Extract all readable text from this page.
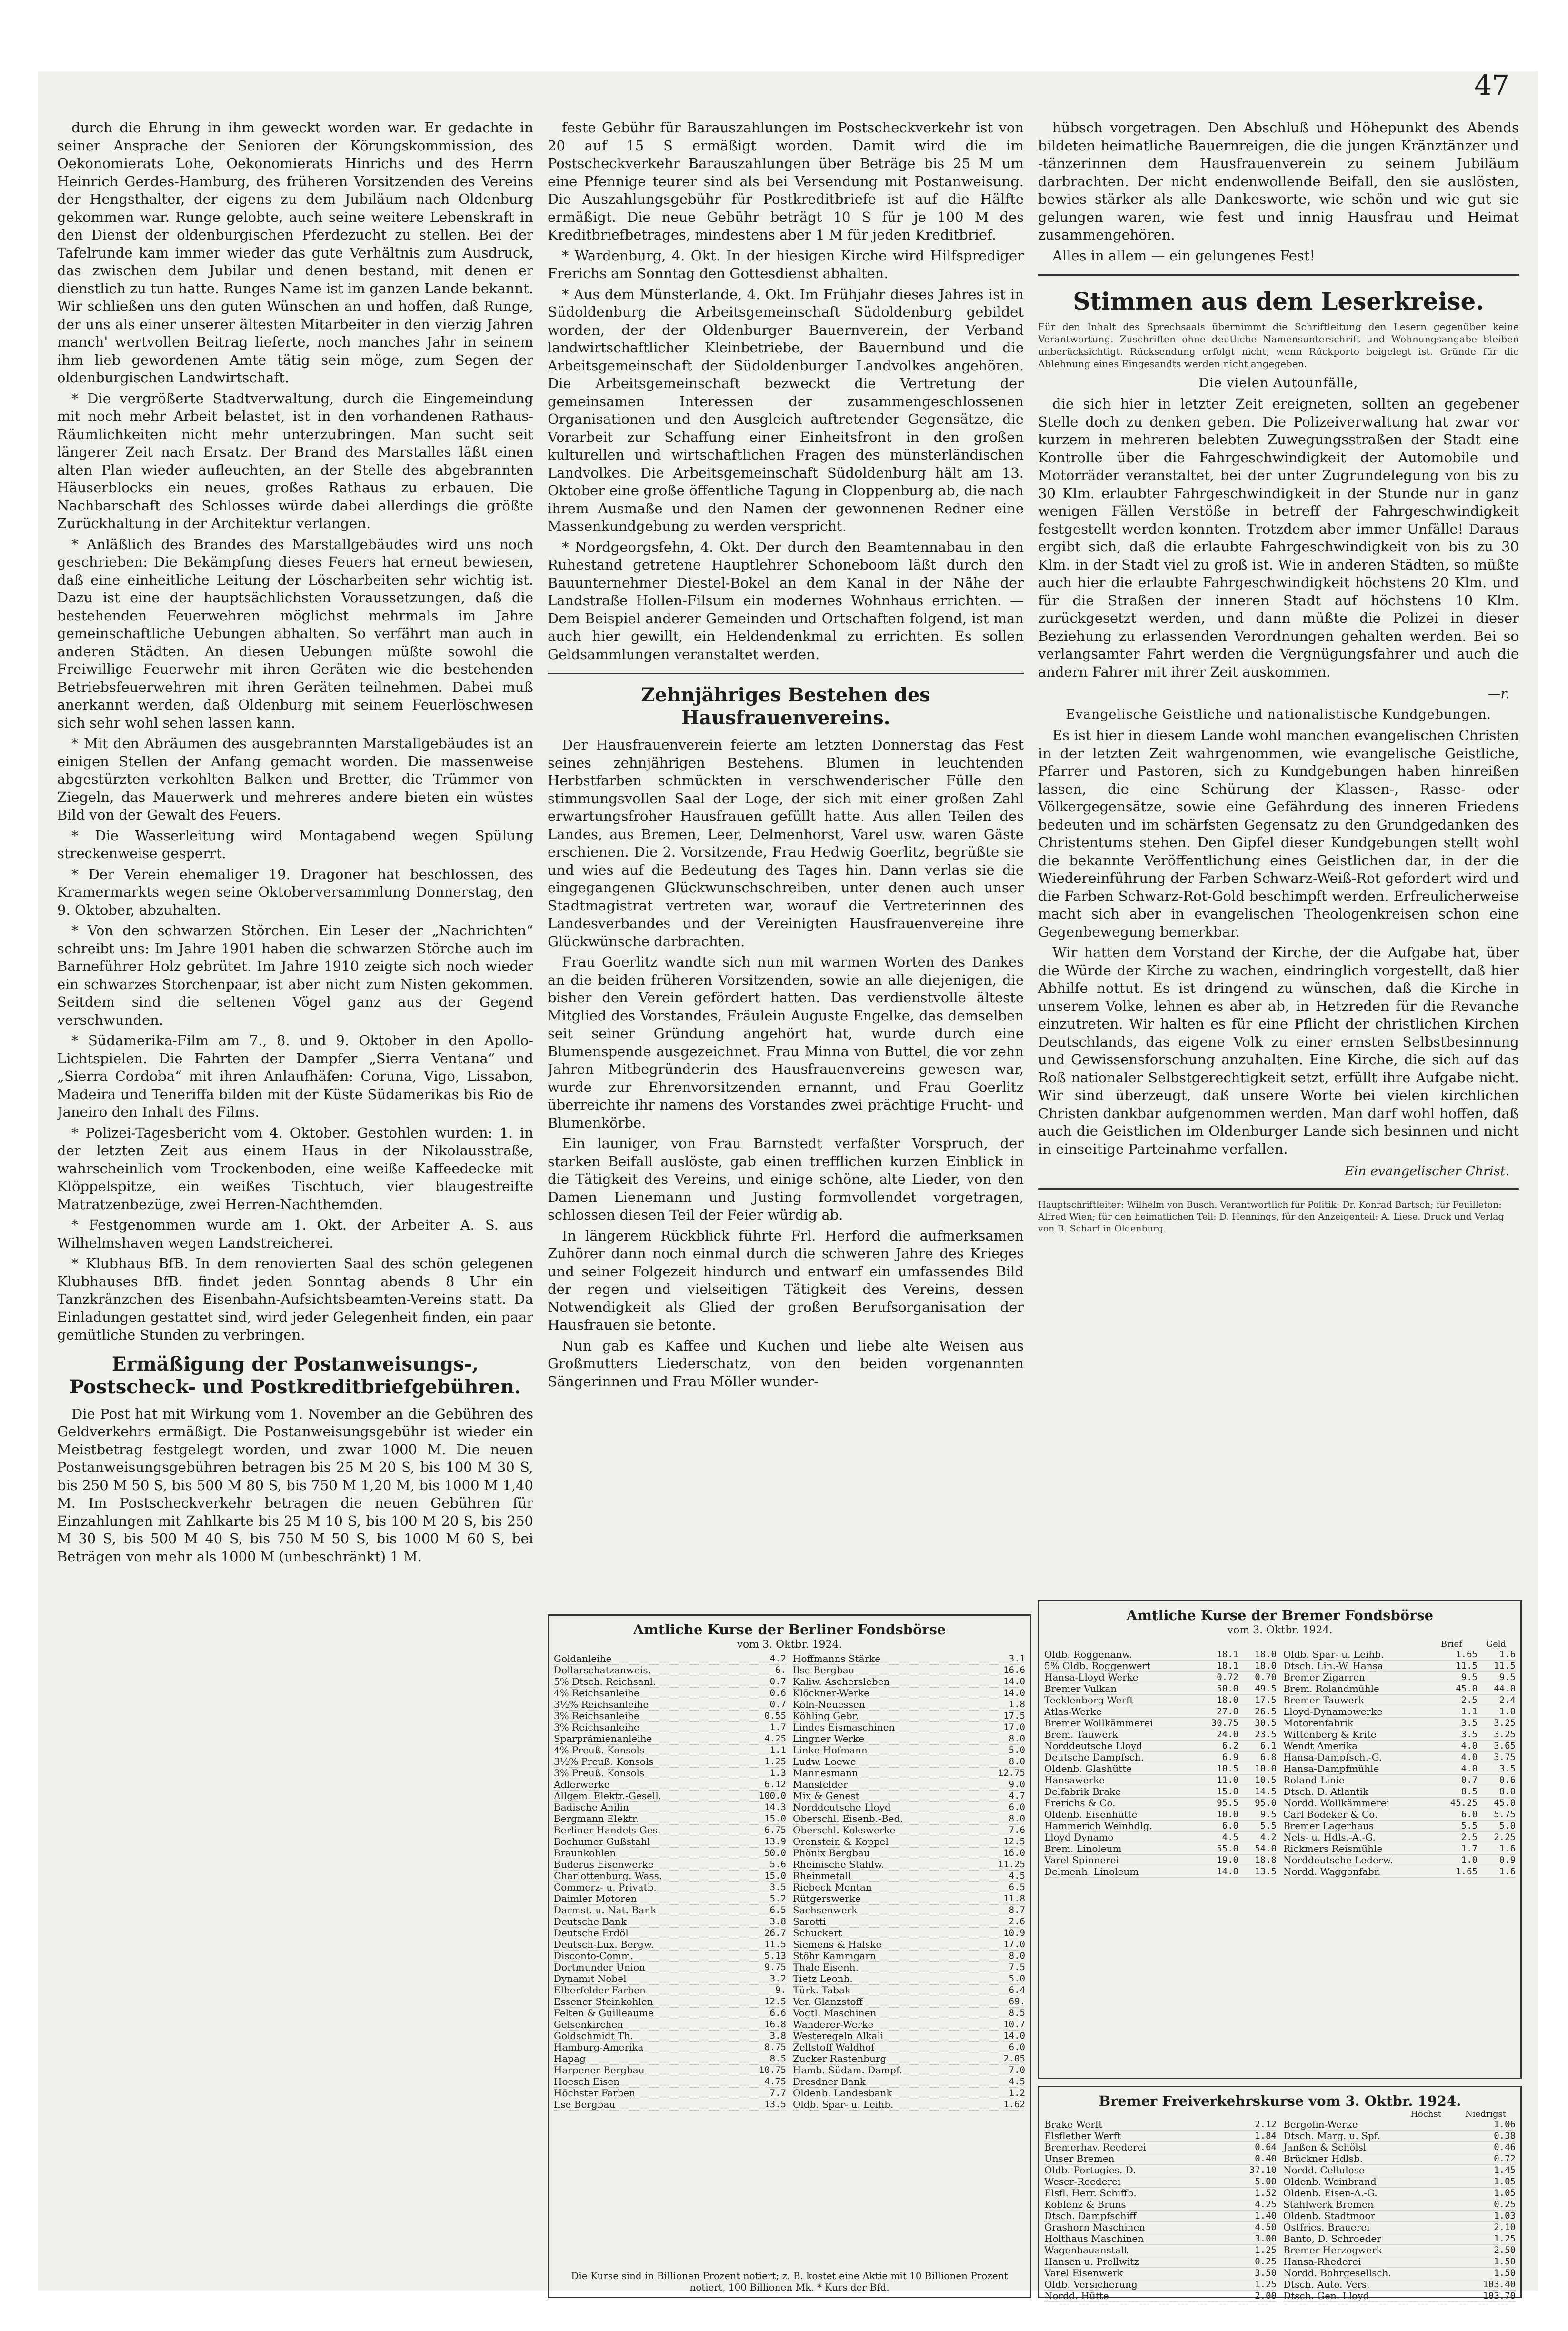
47

durch die Ehrung in ihm geweckt worden war. Er gedachte in seiner Ansprache der Senioren der Körungskommission, des Oekonomierats Lohe, Oekonomierats Hinrichs und des Herrn Heinrich Gerdes-Hamburg, des früheren Vorsitzenden des Vereins der Hengsthalter, der eigens zu dem Jubiläum nach Oldenburg gekommen war. Runge gelobte, auch seine weitere Lebenskraft in den Dienst der oldenburgischen Pferdezucht zu stellen. Bei der Tafelrunde kam immer wieder das gute Verhältnis zum Ausdruck, das zwischen dem Jubilar und denen bestand, mit denen er dienstlich zu tun hatte. Runges Name ist im ganzen Lande bekannt. Wir schließen uns den guten Wünschen an und hoffen, daß Runge, der uns als einer unserer ältesten Mitarbeiter in den vierzig Jahren manch' wertvollen Beitrag lieferte, noch manches Jahr in seinem ihm lieb gewordenen Amte tätig sein möge, zum Segen der oldenburgischen Landwirtschaft.

* Die vergrößerte Stadtverwaltung, durch die Eingemeindung mit noch mehr Arbeit belastet, ist in den vorhandenen Rathaus-Räumlichkeiten nicht mehr unterzubringen. Man sucht seit längerer Zeit nach Ersatz. Der Brand des Marstalles läßt einen alten Plan wieder aufleuchten, an der Stelle des abgebrannten Häuserblocks ein neues, großes Rathaus zu erbauen. Die Nachbarschaft des Schlosses würde dabei allerdings die größte Zurückhaltung in der Architektur verlangen.

* Anläßlich des Brandes des Marstallgebäudes wird uns noch geschrieben: Die Bekämpfung dieses Feuers hat erneut bewiesen, daß eine einheitliche Leitung der Löscharbeiten sehr wichtig ist. Dazu ist eine der hauptsächlichsten Voraussetzungen, daß die bestehenden Feuerwehren möglichst mehrmals im Jahre gemeinschaftliche Uebungen abhalten. So verfährt man auch in anderen Städten. An diesen Uebungen müßte sowohl die Freiwillige Feuerwehr mit ihren Geräten wie die bestehenden Betriebsfeuerwehren mit ihren Geräten teilnehmen. Dabei muß anerkannt werden, daß Oldenburg mit seinem Feuerlöschwesen sich sehr wohl sehen lassen kann.

* Mit den Abräumen des ausgebrannten Marstallgebäudes ist an einigen Stellen der Anfang gemacht worden. Die massenweise abgestürzten verkohlten Balken und Bretter, die Trümmer von Ziegeln, das Mauerwerk und mehreres andere bieten ein wüstes Bild von der Gewalt des Feuers.

* Die Wasserleitung wird Montagabend wegen Spülung streckenweise gesperrt.

* Der Verein ehemaliger 19. Dragoner hat beschlossen, des Kramermarkts wegen seine Oktoberversammlung Donnerstag, den 9. Oktober, abzuhalten.

* Von den schwarzen Störchen. Ein Leser der „Nachrichten“ schreibt uns: Im Jahre 1901 haben die schwarzen Störche auch im Barneführer Holz gebrütet. Im Jahre 1910 zeigte sich noch wieder ein schwarzes Storchenpaar, ist aber nicht zum Nisten gekommen. Seitdem sind die seltenen Vögel ganz aus der Gegend verschwunden.

* Südamerika-Film am 7., 8. und 9. Oktober in den Apollo-Lichtspielen. Die Fahrten der Dampfer „Sierra Ventana“ und „Sierra Cordoba“ mit ihren Anlaufhäfen: Coruna, Vigo, Lissabon, Madeira und Teneriffa bilden mit der Küste Südamerikas bis Rio de Janeiro den Inhalt des Films.

* Polizei-Tagesbericht vom 4. Oktober. Gestohlen wurden: 1. in der letzten Zeit aus einem Haus in der Nikolausstraße, wahrscheinlich vom Trockenboden, eine weiße Kaffeedecke mit Klöppelspitze, ein weißes Tischtuch, vier blaugestreifte Matratzenbezüge, zwei Herren-Nachthemden.

* Festgenommen wurde am 1. Okt. der Arbeiter A. S. aus Wilhelmshaven wegen Landstreicherei.

* Klubhaus BfB. In dem renovierten Saal des schön gelegenen Klubhauses BfB. findet jeden Sonntag abends 8 Uhr ein Tanzkränzchen des Eisenbahn-Aufsichtsbeamten-Vereins statt. Da Einladungen gestattet sind, wird jeder Gelegenheit finden, ein paar gemütliche Stunden zu verbringen.

Ermäßigung der Postanweisungs-, Postscheck- und Postkreditbriefgebühren.

Die Post hat mit Wirkung vom 1. November an die Gebühren des Geldverkehrs ermäßigt. Die Postanweisungsgebühr ist wieder ein Meistbetrag festgelegt worden, und zwar 1000 M. Die neuen Postanweisungsgebühren betragen bis 25 M 20 S, bis 100 M 30 S, bis 250 M 50 S, bis 500 M 80 S, bis 750 M 1,20 M, bis 1000 M 1,40 M. Im Postscheckverkehr betragen die neuen Gebühren für Einzahlungen mit Zahlkarte bis 25 M 10 S, bis 100 M 20 S, bis 250 M 30 S, bis 500 M 40 S, bis 750 M 50 S, bis 1000 M 60 S, bei Beträgen von mehr als 1000 M (unbeschränkt) 1 M.

feste Gebühr für Barauszahlungen im Postscheckverkehr ist von 20 auf 15 S ermäßigt worden. Damit wird die im Postscheckverkehr Barauszahlungen über Beträge bis 25 M um eine Pfennige teurer sind als bei Versendung mit Postanweisung. Die Auszahlungsgebühr für Postkreditbriefe ist auf die Hälfte ermäßigt. Die neue Gebühr beträgt 10 S für je 100 M des Kreditbriefbetrages, mindestens aber 1 M für jeden Kreditbrief.

* Wardenburg, 4. Okt. In der hiesigen Kirche wird Hilfsprediger Frerichs am Sonntag den Gottesdienst abhalten.

* Aus dem Münsterlande, 4. Okt. Im Frühjahr dieses Jahres ist in Südoldenburg die Arbeitsgemeinschaft Südoldenburg gebildet worden, der der Oldenburger Bauernverein, der Verband landwirtschaftlicher Kleinbetriebe, der Bauernbund und die Arbeitsgemeinschaft der Südoldenburger Landvolkes angehören. Die Arbeitsgemeinschaft bezweckt die Vertretung der gemeinsamen Interessen der zusammengeschlossenen Organisationen und den Ausgleich auftretender Gegensätze, die Vorarbeit zur Schaffung einer Einheitsfront in den großen kulturellen und wirtschaftlichen Fragen des münsterländischen Landvolkes. Die Arbeitsgemeinschaft Südoldenburg hält am 13. Oktober eine große öffentliche Tagung in Cloppenburg ab, die nach ihrem Ausmaße und den Namen der gewonnenen Redner eine Massenkundgebung zu werden verspricht.

* Nordgeorgsfehn, 4. Okt. Der durch den Beamtennabau in den Ruhestand getretene Hauptlehrer Schoneboom läßt durch den Bauunternehmer Diestel-Bokel an dem Kanal in der Nähe der Landstraße Hollen-Filsum ein modernes Wohnhaus errichten. — Dem Beispiel anderer Gemeinden und Ortschaften folgend, ist man auch hier gewillt, ein Heldendenkmal zu errichten. Es sollen Geldsammlungen veranstaltet werden.

Zehnjähriges Bestehen des Hausfrauenvereins.

Der Hausfrauenverein feierte am letzten Donnerstag das Fest seines zehnjährigen Bestehens. Blumen in leuchtenden Herbstfarben schmückten in verschwenderischer Fülle den stimmungsvollen Saal der Loge, der sich mit einer großen Zahl erwartungsfroher Hausfrauen gefüllt hatte. Aus allen Teilen des Landes, aus Bremen, Leer, Delmenhorst, Varel usw. waren Gäste erschienen. Die 2. Vorsitzende, Frau Hedwig Goerlitz, begrüßte sie und wies auf die Bedeutung des Tages hin. Dann verlas sie die eingegangenen Glückwunschschreiben, unter denen auch unser Stadtmagistrat vertreten war, worauf die Vertreterinnen des Landesverbandes und der Vereinigten Hausfrauenvereine ihre Glückwünsche darbrachten.

Frau Goerlitz wandte sich nun mit warmen Worten des Dankes an die beiden früheren Vorsitzenden, sowie an alle diejenigen, die bisher den Verein gefördert hatten. Das verdienstvolle älteste Mitglied des Vorstandes, Fräulein Auguste Engelke, das demselben seit seiner Gründung angehört hat, wurde durch eine Blumenspende ausgezeichnet. Frau Minna von Buttel, die vor zehn Jahren Mitbegründerin des Hausfrauenvereins gewesen war, wurde zur Ehrenvorsitzenden ernannt, und Frau Goerlitz überreichte ihr namens des Vorstandes zwei prächtige Frucht- und Blumenkörbe.

Ein launiger, von Frau Barnstedt verfaßter Vorspruch, der starken Beifall auslöste, gab einen trefflichen kurzen Einblick in die Tätigkeit des Vereins, und einige schöne, alte Lieder, von den Damen Lienemann und Justing formvollendet vorgetragen, schlossen diesen Teil der Feier würdig ab.

In längerem Rückblick führte Frl. Herford die aufmerksamen Zuhörer dann noch einmal durch die schweren Jahre des Krieges und seiner Folgezeit hindurch und entwarf ein umfassendes Bild der regen und vielseitigen Tätigkeit des Vereins, dessen Notwendigkeit als Glied der großen Berufsorganisation der Hausfrauen sie betonte.

Nun gab es Kaffee und Kuchen und liebe alte Weisen aus Großmutters Liederschatz, von den beiden vorgenannten Sängerinnen und Frau Möller wunder-

hübsch vorgetragen. Den Abschluß und Höhepunkt des Abends bildeten heimatliche Bauernreigen, die die jungen Kränztänzer und -tänzerinnen dem Hausfrauenverein zu seinem Jubiläum darbrachten. Der nicht endenwollende Beifall, den sie auslösten, bewies stärker als alle Dankesworte, wie schön und wie gut sie gelungen waren, wie fest und innig Hausfrau und Heimat zusammengehören.

Alles in allem — ein gelungenes Fest!

Stimmen aus dem Leserkreise.

Für den Inhalt des Sprechsaals übernimmt die Schriftleitung den Lesern gegenüber keine Verantwortung. Zuschriften ohne deutliche Namensunterschrift und Wohnungsangabe bleiben unberücksichtigt. Rücksendung erfolgt nicht, wenn Rückporto beigelegt ist. Gründe für die Ablehnung eines Eingesandts werden nicht angegeben.

Die vielen Autounfälle,

die sich hier in letzter Zeit ereigneten, sollten an gegebener Stelle doch zu denken geben. Die Polizeiverwaltung hat zwar vor kurzem in mehreren belebten Zuwegungsstraßen der Stadt eine Kontrolle über die Fahrgeschwindigkeit der Automobile und Motorräder veranstaltet, bei der unter Zugrundelegung von bis zu 30 Klm. erlaubter Fahrgeschwindigkeit in der Stunde nur in ganz wenigen Fällen Verstöße in betreff der Fahrgeschwindigkeit festgestellt werden konnten. Trotzdem aber immer Unfälle! Daraus ergibt sich, daß die erlaubte Fahrgeschwindigkeit von bis zu 30 Klm. in der Stadt viel zu groß ist. Wie in anderen Städten, so müßte auch hier die erlaubte Fahrgeschwindigkeit höchstens 20 Klm. und für die Straßen der inneren Stadt auf höchstens 10 Klm. zurückgesetzt werden, und dann müßte die Polizei in dieser Beziehung zu erlassenden Verordnungen gehalten werden. Bei so verlangsamter Fahrt werden die Vergnügungsfahrer und auch die andern Fahrer mit ihrer Zeit auskommen.

—r.
Evangelische Geistliche und nationalistische Kundgebungen.

Es ist hier in diesem Lande wohl manchen evangelischen Christen in der letzten Zeit wahrgenommen, wie evangelische Geistliche, Pfarrer und Pastoren, sich zu Kundgebungen haben hinreißen lassen, die eine Schürung der Klassen-, Rasse- oder Völkergegensätze, sowie eine Gefährdung des inneren Friedens bedeuten und im schärfsten Gegensatz zu den Grundgedanken des Christentums stehen. Den Gipfel dieser Kundgebungen stellt wohl die bekannte Veröffentlichung eines Geistlichen dar, in der die Wiedereinführung der Farben Schwarz-Weiß-Rot gefordert wird und die Farben Schwarz-Rot-Gold beschimpft werden. Erfreulicherweise macht sich aber in evangelischen Theologenkreisen schon eine Gegenbewegung bemerkbar.

Wir hatten dem Vorstand der Kirche, der die Aufgabe hat, über die Würde der Kirche zu wachen, eindringlich vorgestellt, daß hier Abhilfe nottut. Es ist dringend zu wünschen, daß die Kirche in unserem Volke, lehnen es aber ab, in Hetzreden für die Revanche einzutreten. Wir halten es für eine Pflicht der christlichen Kirchen Deutschlands, das eigene Volk zu einer ernsten Selbstbesinnung und Gewissensforschung anzuhalten. Eine Kirche, die sich auf das Roß nationaler Selbstgerechtigkeit setzt, erfüllt ihre Aufgabe nicht. Wir sind überzeugt, daß unsere Worte bei vielen kirchlichen Christen dankbar aufgenommen werden. Man darf wohl hoffen, daß auch die Geistlichen im Oldenburger Lande sich besinnen und nicht in einseitige Parteinahme verfallen.

Ein evangelischer Christ.

Hauptschriftleiter: Wilhelm von Busch. Verantwortlich für Politik: Dr. Konrad Bartsch; für Feuilleton: Alfred Wien; für den heimatlichen Teil: D. Hennings, für den Anzeigenteil: A. Liese. Druck und Verlag von B. Scharf in Oldenburg.

Amtliche Kurse der Berliner Fondsbörse
vom 3. Oktbr. 1924.
Goldanleihe	4.2
Dollarschatzanweis.	6.
5% Dtsch. Reichsanl.	0.7
4% Reichsanleihe	0.6
3½% Reichsanleihe	0.7
3% Reichsanleihe	0.55
3% Reichsanleihe	1.7
Sparprämienanleihe	4.25
4% Preuß. Konsols	1.1
3½% Preuß. Konsols	1.25
3% Preuß. Konsols	1.3
Adlerwerke	6.12
Allgem. Elektr.-Gesell.	100.0
Badische Anilin	14.3
Bergmann Elektr.	15.0
Berliner Handels-Ges.	6.75
Bochumer Gußstahl	13.9
Braunkohlen	50.0
Buderus Eisenwerke	5.6
Charlottenburg. Wass.	15.0
Commerz- u. Privatb.	3.5
Daimler Motoren	5.2
Darmst. u. Nat.-Bank	6.5
Deutsche Bank	3.8
Deutsche Erdöl	26.7
Deutsch-Lux. Bergw.	11.5
Disconto-Comm.	5.13
Dortmunder Union	9.75
Dynamit Nobel	3.2
Elberfelder Farben	9.
Essener Steinkohlen	12.5
Felten & Guilleaume	6.6
Gelsenkirchen	16.8
Goldschmidt Th.	3.8
Hamburg-Amerika	8.75
Hapag	8.5
Harpener Bergbau	10.75
Hoesch Eisen	4.75
Höchster Farben	7.7
Ilse Bergbau	13.5
Hoffmanns Stärke	3.1
Ilse-Bergbau	16.6
Kaliw. Aschersleben	14.0
Klöckner-Werke	14.0
Köln-Neuessen	1.8
Köhling Gebr.	17.5
Lindes Eismaschinen	17.0
Lingner Werke	8.0
Linke-Hofmann	5.0
Ludw. Loewe	8.0
Mannesmann	12.75
Mansfelder	9.0
Mix & Genest	4.7
Norddeutsche Lloyd	6.0
Oberschl. Eisenb.-Bed.	8.0
Oberschl. Kokswerke	7.6
Orenstein & Koppel	12.5
Phönix Bergbau	16.0
Rheinische Stahlw.	11.25
Rheinmetall	4.5
Riebeck Montan	6.5
Rütgerswerke	11.8
Sachsenwerk	8.7
Sarotti	2.6
Schuckert	10.9
Siemens & Halske	17.0
Stöhr Kammgarn	8.0
Thale Eisenh.	7.5
Tietz Leonh.	5.0
Türk. Tabak	6.4
Ver. Glanzstoff	69.
Vogtl. Maschinen	8.5
Wanderer-Werke	10.7
Westeregeln Alkali	14.0
Zellstoff Waldhof	6.0
Zucker Rastenburg	2.05
Hamb.-Südam. Dampf.	7.0
Dresdner Bank	4.5
Oldenb. Landesbank	1.2
Oldb. Spar- u. Leihb.	1.62
Die Kurse sind in Billionen Prozent notiert; z. B. kostet eine Aktie mit 10 Billionen Prozent notiert, 100 Billionen Mk. * Kurs der Bfd.
Amtliche Kurse der Bremer Fondsbörse
vom 3. Oktbr. 1924.
Brief	Geld
Oldb. Roggenanw.	18.1	18.0
5% Oldb. Roggenwert	18.1	18.0
Hansa-Lloyd Werke	0.72	0.70
Bremer Vulkan	50.0	49.5
Tecklenborg Werft	18.0	17.5
Atlas-Werke	27.0	26.5
Bremer Wollkämmerei	30.75	30.5
Brem. Tauwerk	24.0	23.5
Norddeutsche Lloyd	6.2	6.1
Deutsche Dampfsch.	6.9	6.8
Oldenb. Glashütte	10.5	10.0
Hansawerke	11.0	10.5
Delfabrik Brake	15.0	14.5
Frerichs & Co.	95.5	95.0
Oldenb. Eisenhütte	10.0	9.5
Hammerich Weinhdlg.	6.0	5.5
Lloyd Dynamo	4.5	4.2
Brem. Linoleum	55.0	54.0
Varel Spinnerei	19.0	18.8
Delmenh. Linoleum	14.0	13.5
Oldb. Spar- u. Leihb.	1.65	1.6
Dtsch. Lin.-W. Hansa	11.5	11.5
Bremer Zigarren	9.5	9.5
Brem. Rolandmühle	45.0	44.0
Bremer Tauwerk	2.5	2.4
Lloyd-Dynamowerke	1.1	1.0
Motorenfabrik	3.5	3.25
Wittenberg & Krite	3.5	3.25
Wendt Amerika	4.0	3.65
Hansa-Dampfsch.-G.	4.0	3.75
Hansa-Dampfmühle	4.0	3.5
Roland-Linie	0.7	0.6
Dtsch. D. Atlantik	8.5	8.0
Nordd. Wollkämmerei	45.25	45.0
Carl Bödeker & Co.	6.0	5.75
Bremer Lagerhaus	5.5	5.0
Nels- u. Hdls.-A.-G.	2.5	2.25
Rickmers Reismühle	1.7	1.6
Norddeutsche Lederw.	1.0	0.9
Nordd. Waggonfabr.	1.65	1.6
Bremer Freiverkehrskurse vom 3. Oktbr. 1924.
Höchst	Niedrigst
Brake Werft	2.12
Elsflether Werft	1.84
Bremerhav. Reederei	0.64
Unser Bremen	0.40
Oldb.-Portugies. D.	37.10
Weser-Reederei	5.00
Elsfl. Herr. Schiffb.	1.52
Koblenz & Bruns	4.25
Dtsch. Dampfschiff	1.40
Grashorn Maschinen	4.50
Holthaus Maschinen	3.00
Wagenbauanstalt	1.25
Hansen u. Prellwitz	0.25
Varel Eisenwerk	3.50
Oldb. Versicherung	1.25
Nordd. Hütte	2.00
Bergolin-Werke	1.06
Dtsch. Marg. u. Spf.	0.38
Janßen & Schölsl	0.46
Brückner Hdlsb.	0.72
Nordd. Cellulose	1.45
Oldenb. Weinbrand	1.05
Oldenb. Eisen-A.-G.	1.05
Stahlwerk Bremen	0.25
Oldenb. Stadtmoor	1.03
Ostfries. Brauerei	2.10
Banto, D. Schroeder	1.25
Bremer Herzogwerk	2.50
Hansa-Rhederei	1.50
Nordd. Bohrgesellsch.	1.50
Dtsch. Auto. Vers.	103.40
Dtsch. Gen. Lloyd	103.70
